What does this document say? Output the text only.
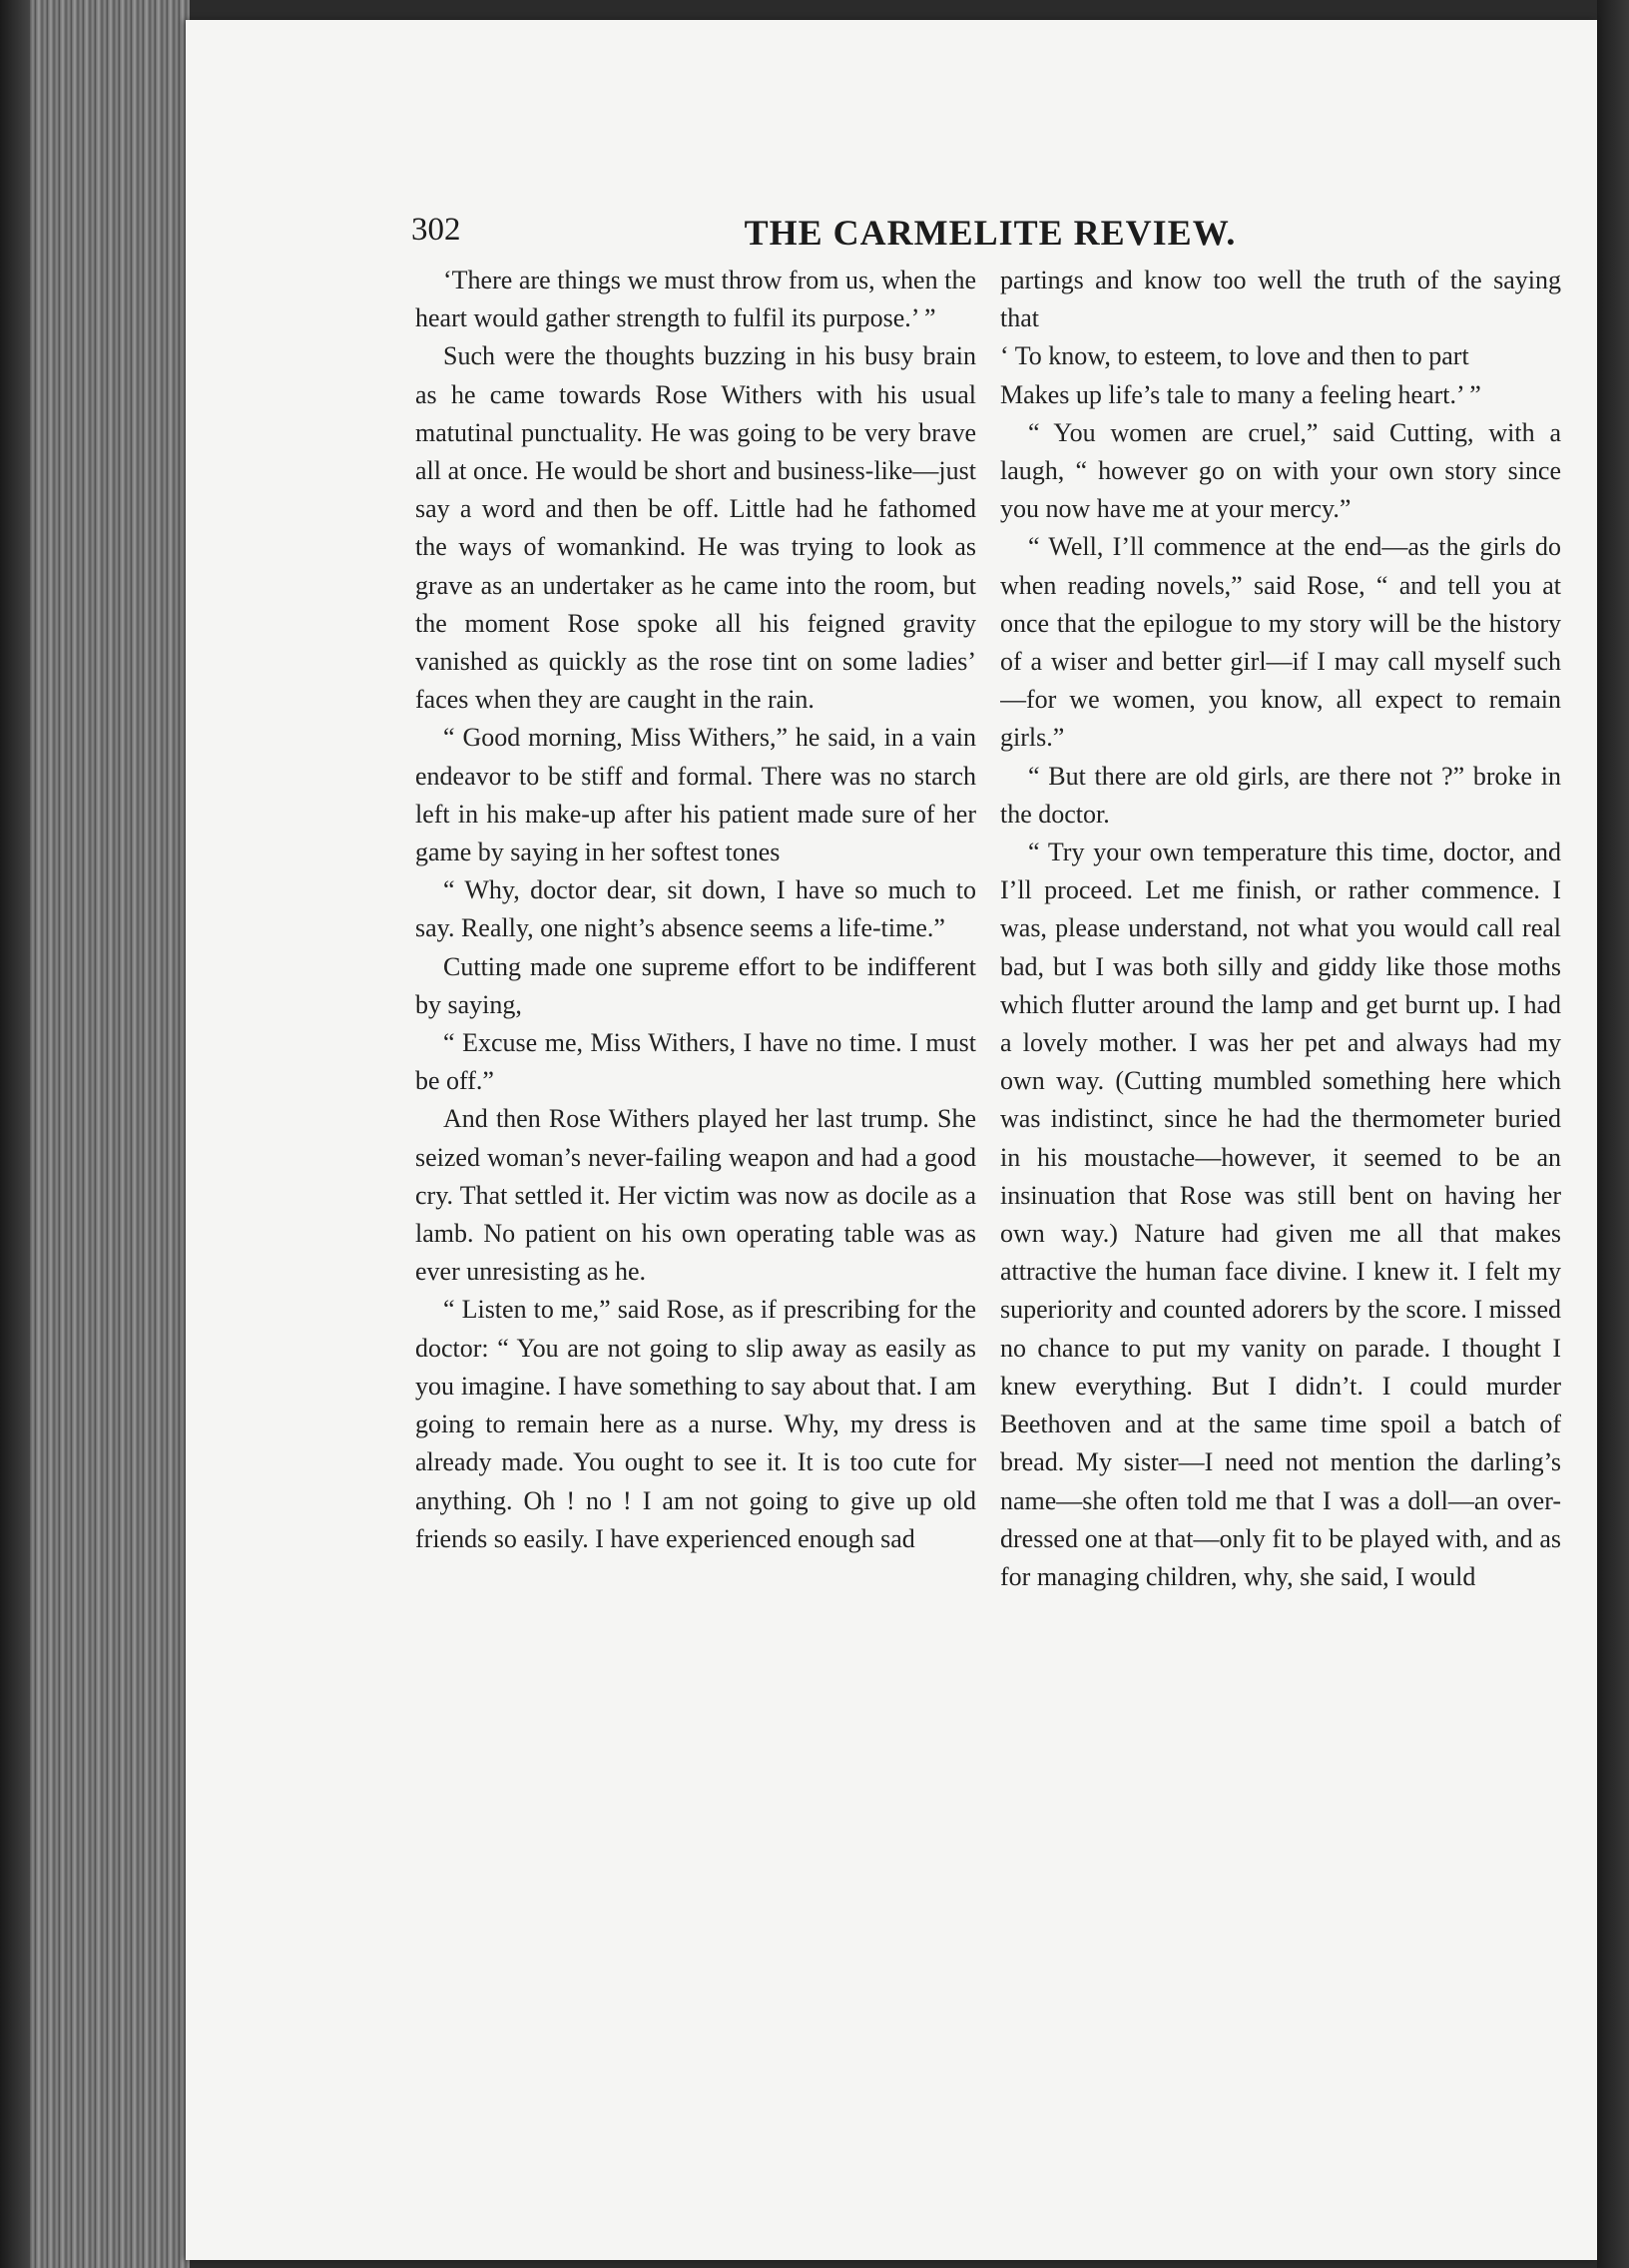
302	THE CARMELITE REVIEW.

‘There are things we must throw from us, when the heart would gather strength to fulfil its purpose.’ ”

Such were the thoughts buzzing in his busy brain as he came towards Rose Withers with his usual matutinal punctuality. He was going to be very brave all at once. He would be short and business-like—just say a word and then be off. Little had he fathomed the ways of womankind. He was trying to look as grave as an undertaker as he came into the room, but the moment Rose spoke all his feigned gravity vanished as quickly as the rose tint on some ladies’ faces when they are caught in the rain.

“ Good morning, Miss Withers,” he said, in a vain endeavor to be stiff and formal. There was no starch left in his make-up after his patient made sure of her game by saying in her softest tones

“ Why, doctor dear, sit down, I have so much to say. Really, one night’s absence seems a life-time.”

Cutting made one supreme effort to be indifferent by saying,

“ Excuse me, Miss Withers, I have no time. I must be off.”

And then Rose Withers played her last trump. She seized woman’s never-failing weapon and had a good cry. That settled it. Her victim was now as docile as a lamb. No patient on his own operating table was as ever unresisting as he.

“ Listen to me,” said Rose, as if prescribing for the doctor: “ You are not going to slip away as easily as you imagine. I have something to say about that. I am going to remain here as a nurse. Why, my dress is already made. You ought to see it. It is too cute for anything. Oh ! no ! I am not going to give up old friends so easily. I have experienced enough sad

partings and know too well the truth of the saying that

‘ To know, to esteem, to love and then to part

Makes up life’s tale to many a feeling heart.’ ”

“ You women are cruel,” said Cutting, with a laugh, “ however go on with your own story since you now have me at your mercy.”

“ Well, I’ll commence at the end—as the girls do when reading novels,” said Rose, “ and tell you at once that the epilogue to my story will be the history of a wiser and better girl—if I may call myself such—for we women, you know, all expect to remain girls.”

“ But there are old girls, are there not ?” broke in the doctor.

“ Try your own temperature this time, doctor, and I’ll proceed. Let me finish, or rather commence. I was, please understand, not what you would call real bad, but I was both silly and giddy like those moths which flutter around the lamp and get burnt up. I had a lovely mother. I was her pet and always had my own way. (Cutting mumbled something here which was indistinct, since he had the thermometer buried in his moustache—however, it seemed to be an insinuation that Rose was still bent on having her own way.) Nature had given me all that makes attractive the human face divine. I knew it. I felt my superiority and counted adorers by the score. I missed no chance to put my vanity on parade. I thought I knew everything. But I didn’t. I could murder Beethoven and at the same time spoil a batch of bread. My sister—I need not mention the darling’s name—she often told me that I was a doll—an over-dressed one at that—only fit to be played with, and as for managing children, why, she said, I would
